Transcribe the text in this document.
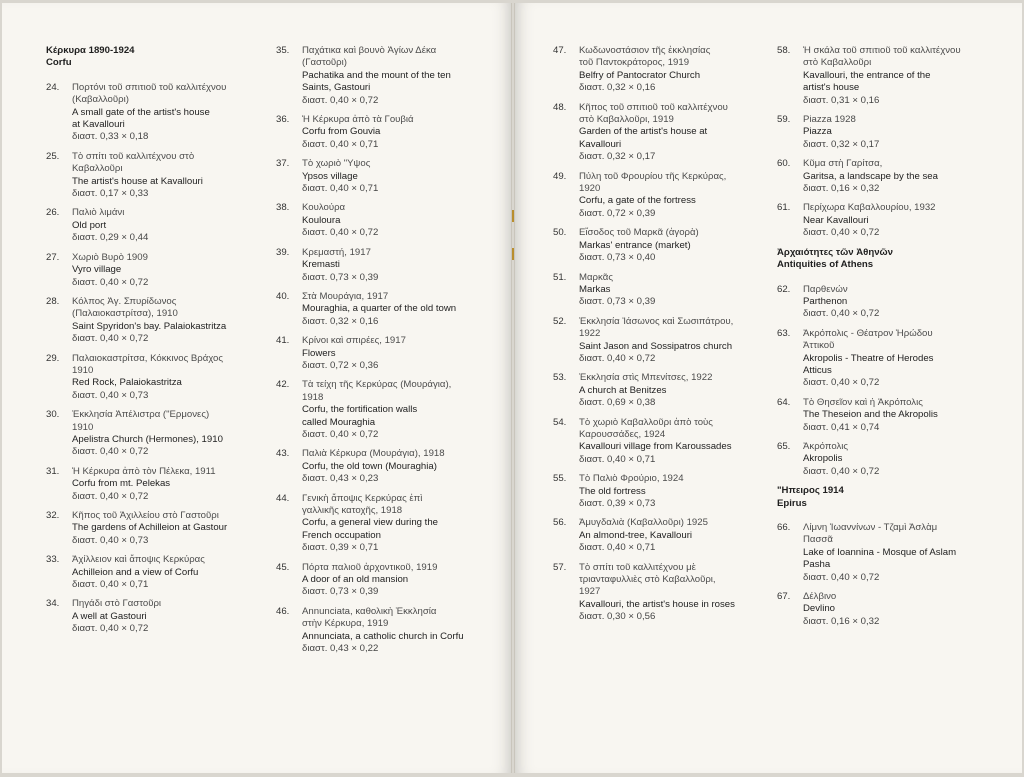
Κέρκυρα 1890-1924
Corfu
24.	Πορτόνι τοῦ σπιτιοῦ τοῦ καλλιτέχνου
(Καβαλλοῦρι)
A small gate of the artist's house
at Kavallouri
διαστ. 0,33 × 0,18
25.	Τὸ σπίτι τοῦ καλλιτέχνου στὸ
Καβαλλοῦρι
The artist's house at Kavallouri
διαστ. 0,17 × 0,33
26.	Παλιὸ λιμάνι
Old port
διαστ. 0,29 × 0,44
27.	Χωριὸ Βυρὸ 1909
Vyro village
διαστ. 0,40 × 0,72
28.	Κόλπος Ἁγ. Σπυρίδωνος
(Παλαιοκαστρίτσα), 1910
Saint Spyridon's bay. Palaiokastritza
διαστ. 0,40 × 0,72
29.	Παλαιοκαστρίτσα, Κόκκινος Βράχος
1910
Red Rock, Palaiokastritza
διαστ. 0,40 × 0,73
30.	Ἐκκλησία Ἀπέλιστρα ("Ερμονες)
1910
Apelistra Church (Hermones), 1910
διαστ. 0,40 × 0,72
31.	Ἡ Κέρκυρα ἀπὸ τὸν Πέλεκα, 1911
Corfu from mt. Pelekas
διαστ. 0,40 × 0,72
32.	Κῆπος τοῦ Ἀχιλλείου στὸ Γαστοῦρι
The gardens of Achilleion at Gastour
διαστ. 0,40 × 0,73
33.	Ἀχίλλειον καὶ ἄποψις Κερκύρας
Achilleion and a view of Corfu
διαστ. 0,40 × 0,71
34.	Πηγάδι στὸ Γαστοῦρι
A well at Gastouri
διαστ. 0,40 × 0,72
35.	Παχάτικα καὶ βουνὸ Ἁγίων Δέκα
(Γαστοῦρι)
Pachatika and the mount of the ten
Saints, Gastouri
διαστ. 0,40 × 0,72
36.	Ἡ Κέρκυρα ἀπὸ τὰ Γουβιά
Corfu from Gouvia
διαστ. 0,40 × 0,71
37.	Τὸ χωριὸ "Υψος
Ypsos village
διαστ. 0,40 × 0,71
38.	Κουλούρα
Kouloura
διαστ. 0,40 × 0,72
39.	Κρεμαστή, 1917
Kremasti
διαστ. 0,73 × 0,39
40.	Στὰ Μουράγια, 1917
Mouraghia, a quarter of the old town
διαστ. 0,32 × 0,16
41.	Κρίνοι καὶ σπιρέες, 1917
Flowers
διαστ. 0,72 × 0,36
42.	Τὰ τείχη τῆς Κερκύρας (Μουράγια),
1918
Corfu, the fortification walls
called Mouraghia
διαστ. 0,40 × 0,72
43.	Παλιὰ Κέρκυρα (Μουράγια), 1918
Corfu, the old town (Mouraghia)
διαστ. 0,43 × 0,23
44.	Γενικὴ ἄποψις Κερκύρας ἐπὶ
γαλλικῆς κατοχῆς, 1918
Corfu, a general view during the
French occupation
διαστ. 0,39 × 0,71
45.	Πόρτα παλιοῦ ἀρχοντικοῦ, 1919
A door of an old mansion
διαστ. 0,73 × 0,39
46.	Annunciata, καθολικὴ Ἐκκλησία
στὴν Κέρκυρα, 1919
Annunciata, a catholic church in Corfu
διαστ. 0,43 × 0,22
47.	Κωδωνοστάσιον τῆς ἐκκλησίας
τοῦ Παντοκράτορος, 1919
Belfry of Pantocrator Church
διαστ. 0,32 × 0,16
48.	Κῆπος τοῦ σπιτιοῦ τοῦ καλλιτέχνου
στὸ Καβαλλοῦρι, 1919
Garden of the artist's house at
Kavallouri
διαστ. 0,32 × 0,17
49.	Πύλη τοῦ Φρουρίου τῆς Κερκύρας,
1920
Corfu, a gate of the fortress
διαστ. 0,72 × 0,39
50.	Εἴσοδος τοῦ Μαρκᾶ (ἀγορὰ)
Markas' entrance (market)
διαστ. 0,73 × 0,40
51.	Μαρκᾶς
Markas
διαστ. 0,73 × 0,39
52.	Ἐκκλησία Ἰάσωνος καὶ Σωσιπάτρου,
1922
Saint Jason and Sossipatros church
διαστ. 0,40 × 0,72
53.	Ἐκκλησία στὶς Μπενίτσες, 1922
A church at Benitzes
διαστ. 0,69 × 0,38
54.	Τὸ χωριὸ Καβαλλοῦρι ἀπὸ τοὺς
Καρουσσάδες, 1924
Kavallouri village from Karoussades
διαστ. 0,40 × 0,71
55.	Τὸ Παλιὸ Φρούριο, 1924
The old fortress
διαστ. 0,39 × 0,73
56.	Ἀμυγδαλιὰ (Καβαλλοῦρι) 1925
An almond-tree, Kavallouri
διαστ. 0,40 × 0,71
57.	Τὸ σπίτι τοῦ καλλιτέχνου μὲ
τριανταφυλλιὲς στὸ Καβαλλοῦρι,
1927
Kavallouri, the artist's house in roses
διαστ. 0,30 × 0,56
58.	Ἡ σκάλα τοῦ σπιτιοῦ τοῦ καλλιτέχνου
στὸ Καβαλλοῦρι
Kavallouri, the entrance of the
artist's house
διαστ. 0,31 × 0,16
59.	Piazza 1928
Piazza
διαστ. 0,32 × 0,17
60.	Κῦμα στὴ Γαρίτσα,
Garitsa, a landscape by the sea
διαστ. 0,16 × 0,32
61.	Περίχωρα Καβαλλουρίου, 1932
Near Kavallouri
διαστ. 0,40 × 0,72
Ἀρχαιότητες τῶν Ἀθηνῶν
Antiquities of Athens
62.	Παρθενών
Parthenon
διαστ. 0,40 × 0,72
63.	Ἀκρόπολις - Θέατρον Ἡρώδου
Ἀττικοῦ
Akropolis - Theatre of Herodes
Atticus
διαστ. 0,40 × 0,72
64.	Τὸ Θησεῖον καὶ ἡ Ἀκρόπολις
The Theseion and the Akropolis
διαστ. 0,41 × 0,74
65.	Ἀκρόπολις
Akropolis
διαστ. 0,40 × 0,72
"Ηπειρος 1914
Epirus
66.	Λίμνη Ἰωαννίνων - Τζαμὶ Ἀσλὰμ
Πασσᾶ
Lake of Ioannina - Mosque of Aslam
Pasha
διαστ. 0,40 × 0,72
67.	Δέλβινο
Devlino
διαστ. 0,16 × 0,32
